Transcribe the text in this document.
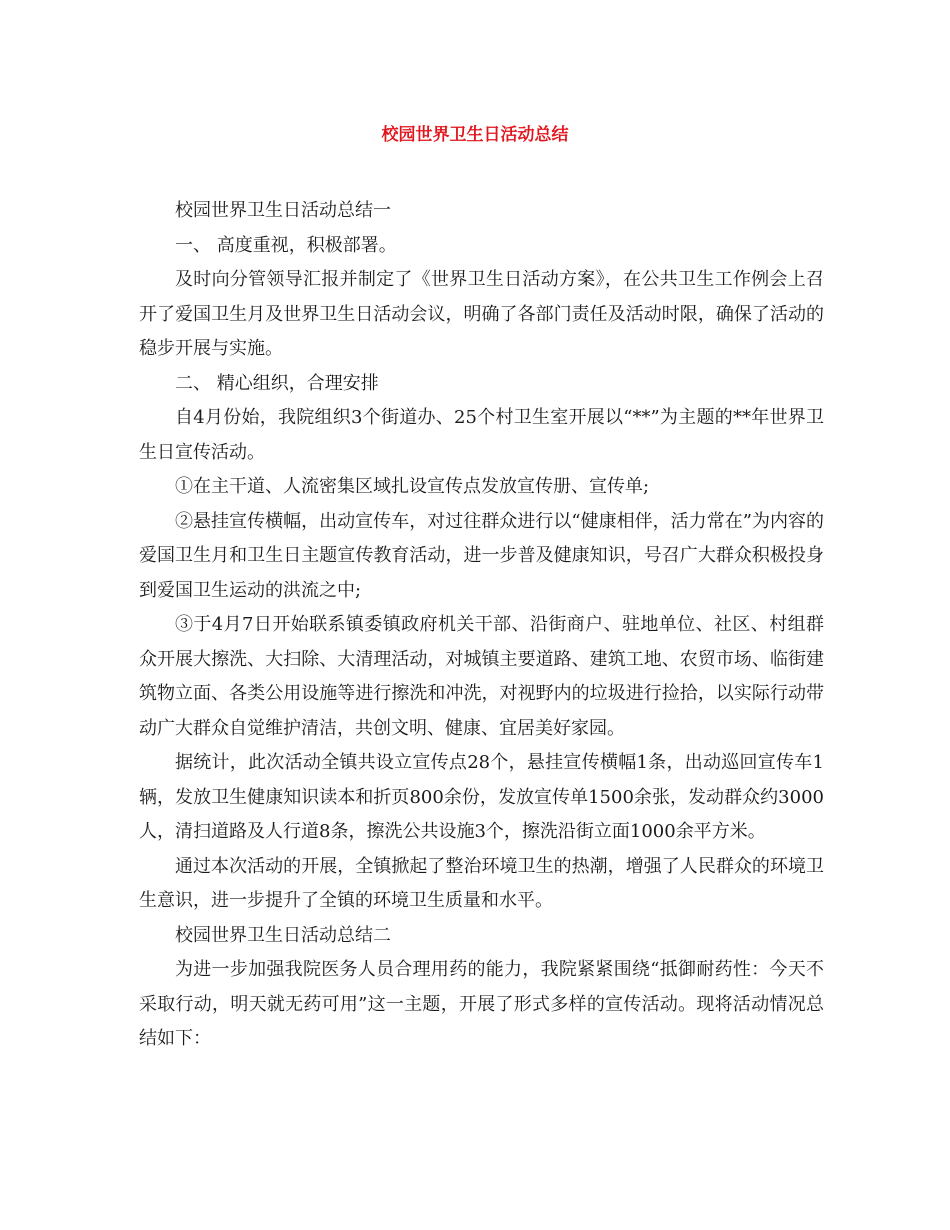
校园世界卫生日活动总结

校园世界卫生日活动总结一

一、 高度重视，积极部署。

及时向分管领导汇报并制定了《世界卫生日活动方案》，在公共卫生工作例会上召开了爱国卫生月及世界卫生日活动会议，明确了各部门责任及活动时限，确保了活动的稳步开展与实施。

二、 精心组织，合理安排

自4月份始，我院组织3个街道办、25个村卫生室开展以“**”为主题的**年世界卫生日宣传活动。

①在主干道、人流密集区域扎设宣传点发放宣传册、宣传单;

②悬挂宣传横幅，出动宣传车，对过往群众进行以“健康相伴，活力常在”为内容的爱国卫生月和卫生日主题宣传教育活动，进一步普及健康知识，号召广大群众积极投身到爱国卫生运动的洪流之中;

③于4月7日开始联系镇委镇政府机关干部、沿街商户、驻地单位、社区、村组群众开展大擦洗、大扫除、大清理活动，对城镇主要道路、建筑工地、农贸市场、临街建筑物立面、各类公用设施等进行擦洗和冲洗，对视野内的垃圾进行捡拾，以实际行动带动广大群众自觉维护清洁，共创文明、健康、宜居美好家园。

据统计，此次活动全镇共设立宣传点28个，悬挂宣传横幅1条，出动巡回宣传车1辆，发放卫生健康知识读本和折页800余份，发放宣传单1500余张，发动群众约3000人，清扫道路及人行道8条，擦洗公共设施3个，擦洗沿街立面1000余平方米。

通过本次活动的开展，全镇掀起了整治环境卫生的热潮，增强了人民群众的环境卫生意识，进一步提升了全镇的环境卫生质量和水平。

校园世界卫生日活动总结二

为进一步加强我院医务人员合理用药的能力，我院紧紧围绕“抵御耐药性：今天不采取行动，明天就无药可用”这一主题，开展了形式多样的宣传活动。现将活动情况总结如下：
